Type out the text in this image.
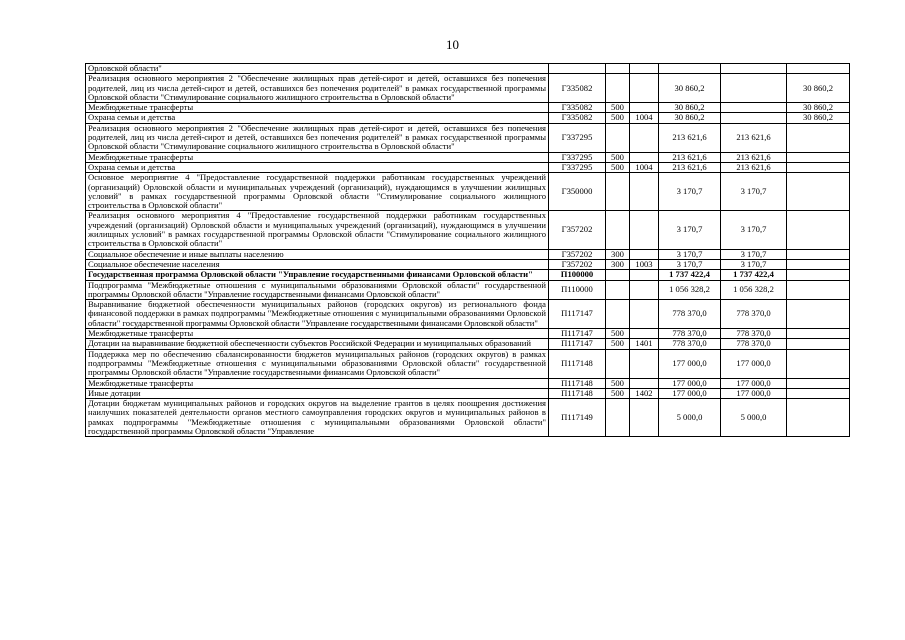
10
Орловской области"						
Реализация основного мероприятия 2 "Обеспечение жилищных прав детей-сирот и детей, оставшихся без попечения родителей, лиц из числа детей-сирот и детей, оставшихся без попечения родителей" в рамках государственной программы Орловской области "Стимулирование социального жилищного строительства в Орловской области"	Г335082			30 860,2		30 860,2
Межбюджетные трансферты	Г335082	500		30 860,2		30 860,2
Охрана семьи и детства	Г335082	500	1004	30 860,2		30 860,2
Реализация основного мероприятия 2 "Обеспечение жилищных прав детей-сирот и детей, оставшихся без попечения родителей, лиц из числа детей-сирот и детей, оставшихся без попечения родителей" в рамках государственной программы Орловской области "Стимулирование социального жилищного строительства в Орловской области"	Г337295			213 621,6	213 621,6	
Межбюджетные трансферты	Г337295	500		213 621,6	213 621,6	
Охрана семьи и детства	Г337295	500	1004	213 621,6	213 621,6	
Основное мероприятие 4 "Предоставление государственной поддержки работникам государственных учреждений (организаций) Орловской области и муниципальных учреждений (организаций), нуждающимся в улучшении жилищных условий" в рамках государственной программы Орловской области "Стимулирование социального жилищного строительства в Орловской области"	Г350000			3 170,7	3 170,7	
Реализация основного мероприятия 4 "Предоставление государственной поддержки работникам государственных учреждений (организаций) Орловской области и муниципальных учреждений (организаций), нуждающимся в улучшении жилищных условий" в рамках государственной программы Орловской области "Стимулирование социального жилищного строительства в Орловской области"	Г357202			3 170,7	3 170,7	
Социальное обеспечение и иные выплаты населению	Г357202	300		3 170,7	3 170,7	
Социальное обеспечение населения	Г357202	300	1003	3 170,7	3 170,7	
Государственная программа Орловской области "Управление государственными финансами Орловской области"	П100000			1 737 422,4	1 737 422,4	
Подпрограмма "Межбюджетные отношения с муниципальными образованиями Орловской области" государственной программы Орловской области "Управление государственными финансами Орловской области"	П110000			1 056 328,2	1 056 328,2	
Выравнивание бюджетной обеспеченности муниципальных районов (городских округов) из регионального фонда финансовой поддержки в рамках подпрограммы "Межбюджетные отношения с муниципальными образованиями Орловской области" государственной программы Орловской области "Управление государственными финансами Орловской области"	П117147			778 370,0	778 370,0	
Межбюджетные трансферты	П117147	500		778 370,0	778 370,0	
Дотации на выравнивание бюджетной обеспеченности субъектов Российской Федерации и муниципальных образований	П117147	500	1401	778 370,0	778 370,0	
Поддержка мер по обеспечению сбалансированности бюджетов муниципальных районов (городских округов) в рамках подпрограммы "Межбюджетные отношения с муниципальными образованиями Орловской области" государственной программы Орловской области "Управление государственными финансами Орловской области"	П117148			177 000,0	177 000,0	
Межбюджетные трансферты	П117148	500		177 000,0	177 000,0	
Иные дотации	П117148	500	1402	177 000,0	177 000,0	
Дотации бюджетам муниципальных районов и городских округов на выделение грантов в целях поощрения достижения наилучших показателей деятельности органов местного самоуправления городских округов и муниципальных районов в рамках подпрограммы "Межбюджетные отношения с муниципальными образованиями Орловской области" государственной программы Орловской области "Управление	П117149			5 000,0	5 000,0	
